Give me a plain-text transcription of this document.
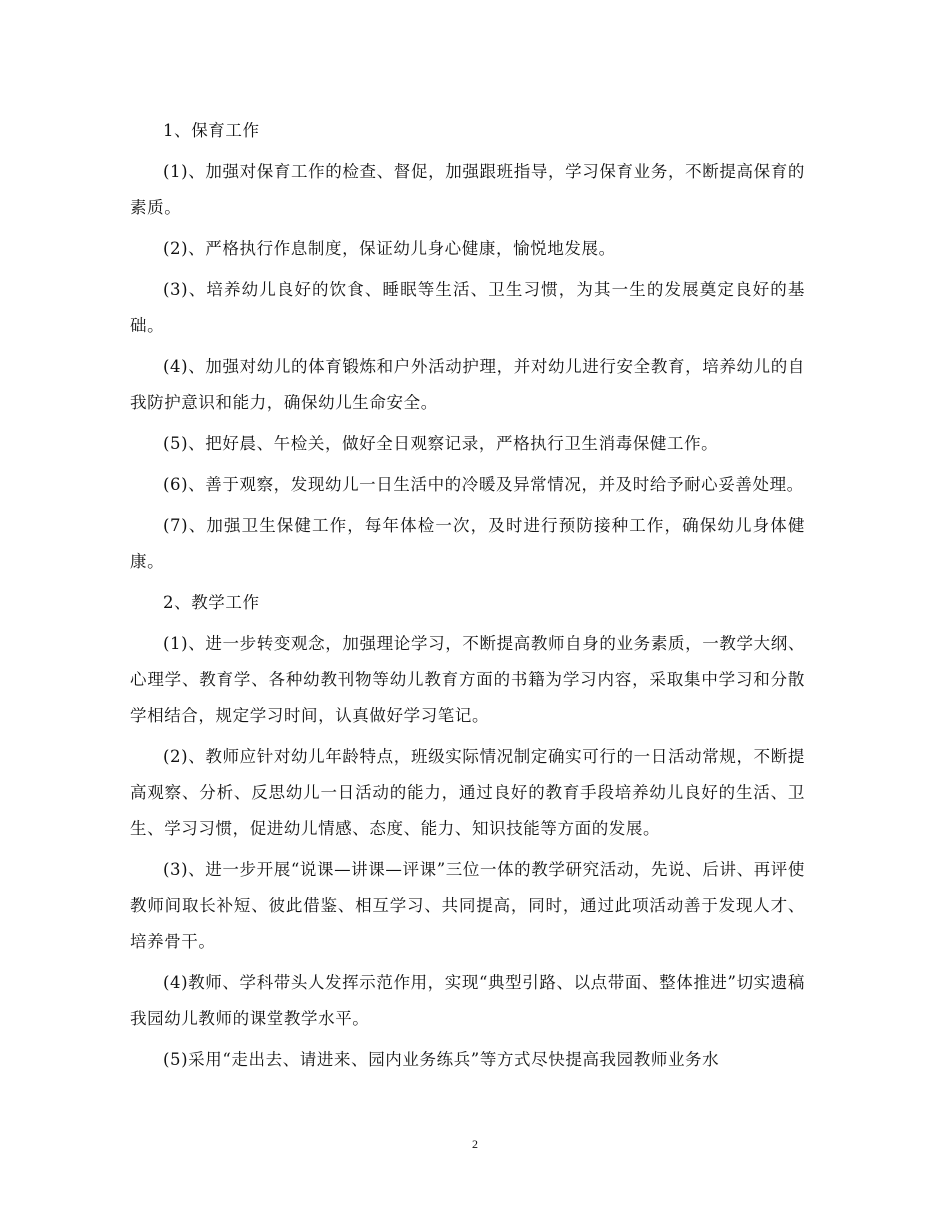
1、保育工作

(1)、加强对保育工作的检查、督促，加强跟班指导，学习保育业务，不断提高保育的素质。

(2)、严格执行作息制度，保证幼儿身心健康，愉悦地发展。

(3)、培养幼儿良好的饮食、睡眠等生活、卫生习惯，为其一生的发展奠定良好的基础。

(4)、加强对幼儿的体育锻炼和户外活动护理，并对幼儿进行安全教育，培养幼儿的自我防护意识和能力，确保幼儿生命安全。

(5)、把好晨、午检关，做好全日观察记录，严格执行卫生消毒保健工作。

(6)、善于观察，发现幼儿一日生活中的冷暖及异常情况，并及时给予耐心妥善处理。

(7)、加强卫生保健工作，每年体检一次，及时进行预防接种工作，确保幼儿身体健康。

2、教学工作

(1)、进一步转变观念，加强理论学习，不断提高教师自身的业务素质，一教学大纲、心理学、教育学、各种幼教刊物等幼儿教育方面的书籍为学习内容，采取集中学习和分散学相结合，规定学习时间，认真做好学习笔记。

(2)、教师应针对幼儿年龄特点，班级实际情况制定确实可行的一日活动常规，不断提高观察、分析、反思幼儿一日活动的能力，通过良好的教育手段培养幼儿良好的生活、卫生、学习习惯，促进幼儿情感、态度、能力、知识技能等方面的发展。

(3)、进一步开展“说课—讲课—评课”三位一体的教学研究活动，先说、后讲、再评使教师间取长补短、彼此借鉴、相互学习、共同提高，同时，通过此项活动善于发现人才、培养骨干。

(4)教师、学科带头人发挥示范作用，实现“典型引路、以点带面、整体推进”切实遗稿我园幼儿教师的课堂教学水平。

(5)采用“走出去、请进来、园内业务练兵”等方式尽快提高我园教师业务水

2
